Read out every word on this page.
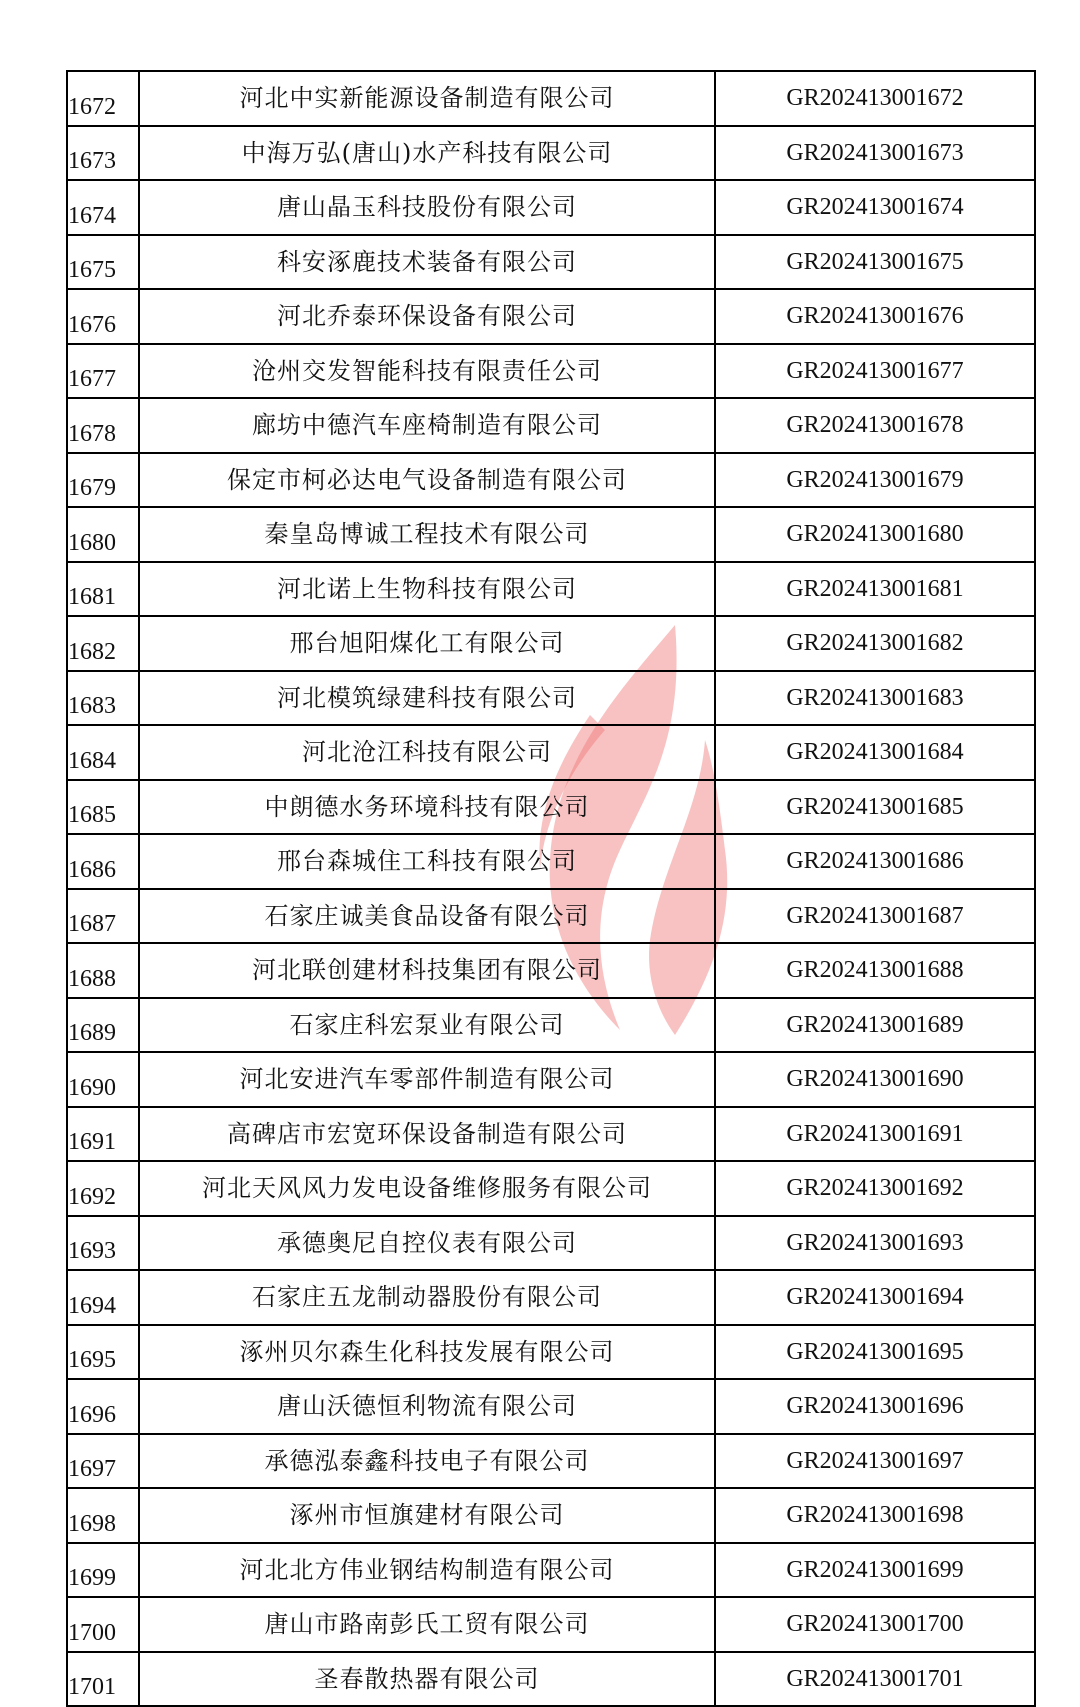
1672	河北中实新能源设备制造有限公司	GR202413001672
1673	中海万弘(唐山)水产科技有限公司	GR202413001673
1674	唐山晶玉科技股份有限公司	GR202413001674
1675	科安涿鹿技术装备有限公司	GR202413001675
1676	河北乔泰环保设备有限公司	GR202413001676
1677	沧州交发智能科技有限责任公司	GR202413001677
1678	廊坊中德汽车座椅制造有限公司	GR202413001678
1679	保定市柯必达电气设备制造有限公司	GR202413001679
1680	秦皇岛博诚工程技术有限公司	GR202413001680
1681	河北诺上生物科技有限公司	GR202413001681
1682	邢台旭阳煤化工有限公司	GR202413001682
1683	河北模筑绿建科技有限公司	GR202413001683
1684	河北沧江科技有限公司	GR202413001684
1685	中朗德水务环境科技有限公司	GR202413001685
1686	邢台森城住工科技有限公司	GR202413001686
1687	石家庄诚美食品设备有限公司	GR202413001687
1688	河北联创建材科技集团有限公司	GR202413001688
1689	石家庄科宏泵业有限公司	GR202413001689
1690	河北安进汽车零部件制造有限公司	GR202413001690
1691	高碑店市宏宽环保设备制造有限公司	GR202413001691
1692	河北天风风力发电设备维修服务有限公司	GR202413001692
1693	承德奥尼自控仪表有限公司	GR202413001693
1694	石家庄五龙制动器股份有限公司	GR202413001694
1695	涿州贝尔森生化科技发展有限公司	GR202413001695
1696	唐山沃德恒利物流有限公司	GR202413001696
1697	承德泓泰鑫科技电子有限公司	GR202413001697
1698	涿州市恒旗建材有限公司	GR202413001698
1699	河北北方伟业钢结构制造有限公司	GR202413001699
1700	唐山市路南彭氏工贸有限公司	GR202413001700
1701	圣春散热器有限公司	GR202413001701
